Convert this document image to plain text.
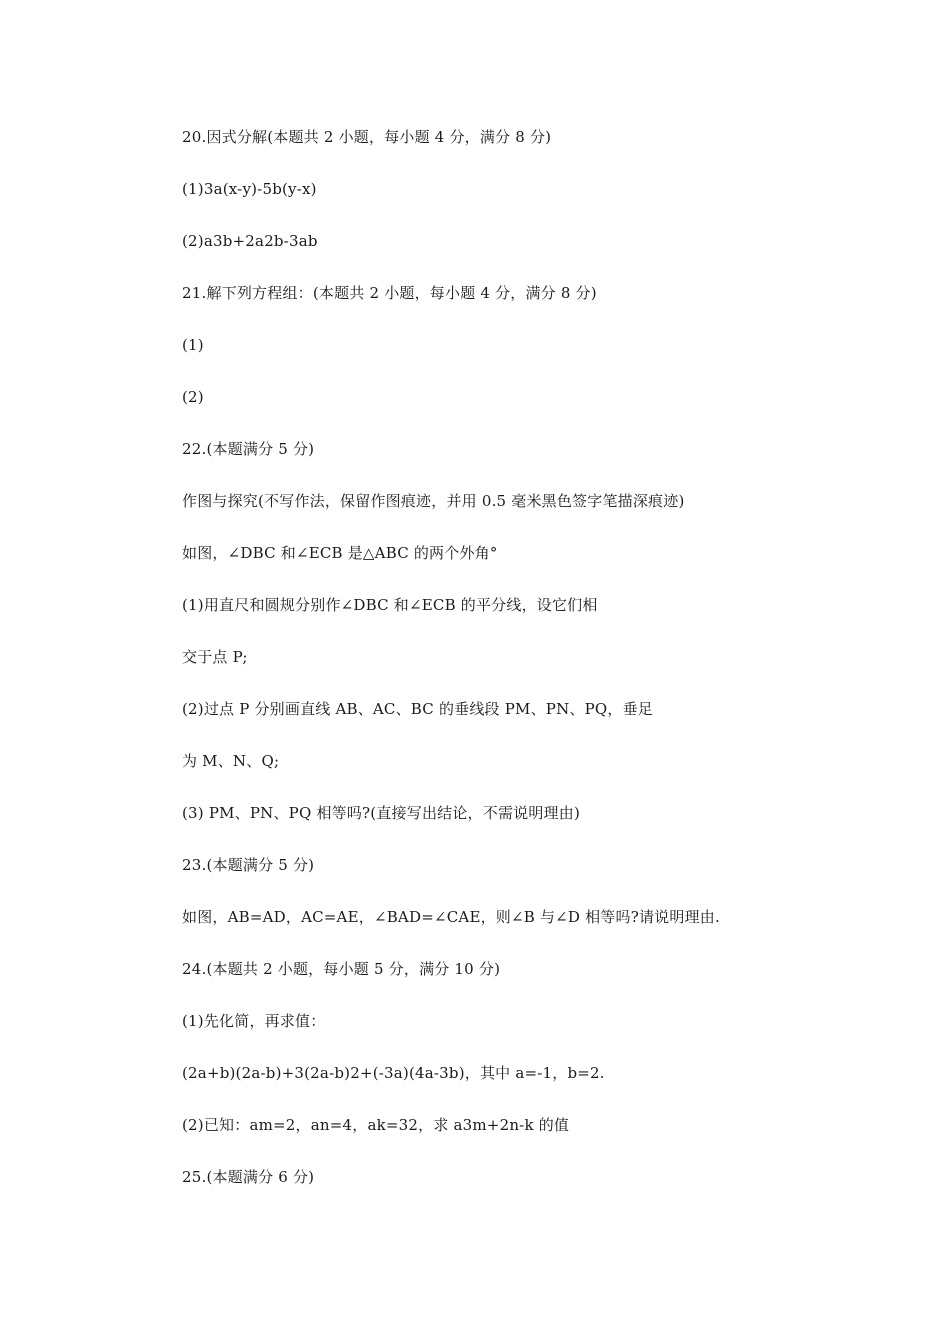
20.因式分解(本题共 2 小题，每小题 4 分，满分 8 分)

(1)3a(x-y)-5b(y-x)

(2)a3b+2a2b-3ab

21.解下列方程组：(本题共 2 小题，每小题 4 分，满分 8 分)

(1)

(2)

22.(本题满分 5 分)

作图与探究(不写作法，保留作图痕迹，并用 0.5 毫米黑色签字笔描深痕迹)

如图，∠DBC 和∠ECB 是△ABC 的两个外角°

(1)用直尺和圆规分别作∠DBC 和∠ECB 的平分线，设它们相

交于点 P;

(2)过点 P 分别画直线 AB、AC、BC 的垂线段 PM、PN、PQ，垂足

为 M、N、Q;

(3) PM、PN、PQ 相等吗?(直接写出结论，不需说明理由)

23.(本题满分 5 分)

如图，AB=AD，AC=AE，∠BAD=∠CAE，则∠B 与∠D 相等吗?请说明理由.

24.(本题共 2 小题，每小题 5 分，满分 10 分)

(1)先化简，再求值：

(2a+b)(2a-b)+3(2a-b)2+(-3a)(4a-3b)，其中 a=-1，b=2.

(2)已知：am=2，an=4，ak=32，求 a3m+2n-k 的值

25.(本题满分 6 分)
